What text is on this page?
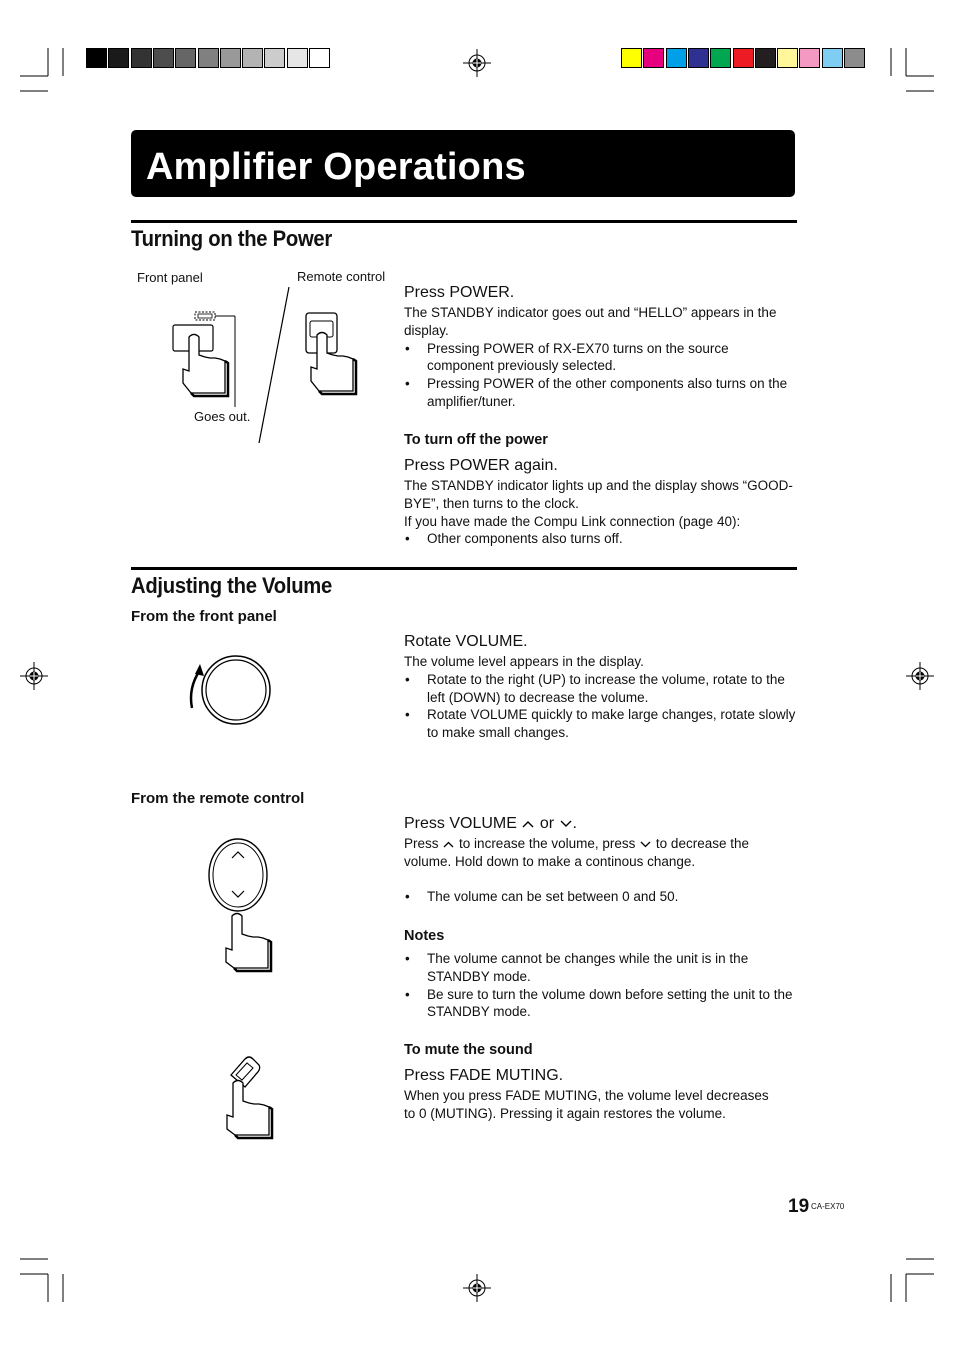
Amplifier Operations
Turning on the Power
Front panel	Remote control
Goes out.
Press POWER.
The STANDBY indicator goes out and “HELLO” appears in the display.
• Pressing POWER of RX-EX70 turns on the source component previously selected.
• Pressing POWER of the other components also turns on the amplifier/tuner.
To turn off the power
Press POWER again.
The STANDBY indicator lights up and the display shows “GOOD-BYE”, then turns to the clock.
If you have made the Compu Link connection (page 40):
• Other components also turns off.
Adjusting the Volume
From the front panel
Rotate VOLUME.
The volume level appears in the display.
• Rotate to the right (UP) to increase the volume, rotate to the left (DOWN) to decrease the volume.
• Rotate VOLUME quickly to make large changes, rotate slowly to make small changes.
From the remote control
Press VOLUME or .
Press to increase the volume, press to decrease the volume. Hold down to make a continous change.
• The volume can be set between 0 and 50.
Notes
• The volume cannot be changes while the unit is in the STANDBY mode.
• Be sure to turn the volume down before setting the unit to the STANDBY mode.
To mute the sound
Press FADE MUTING.
When you press FADE MUTING, the volume level decreases to 0 (MUTING). Pressing it again restores the volume.
19 CA-EX70
